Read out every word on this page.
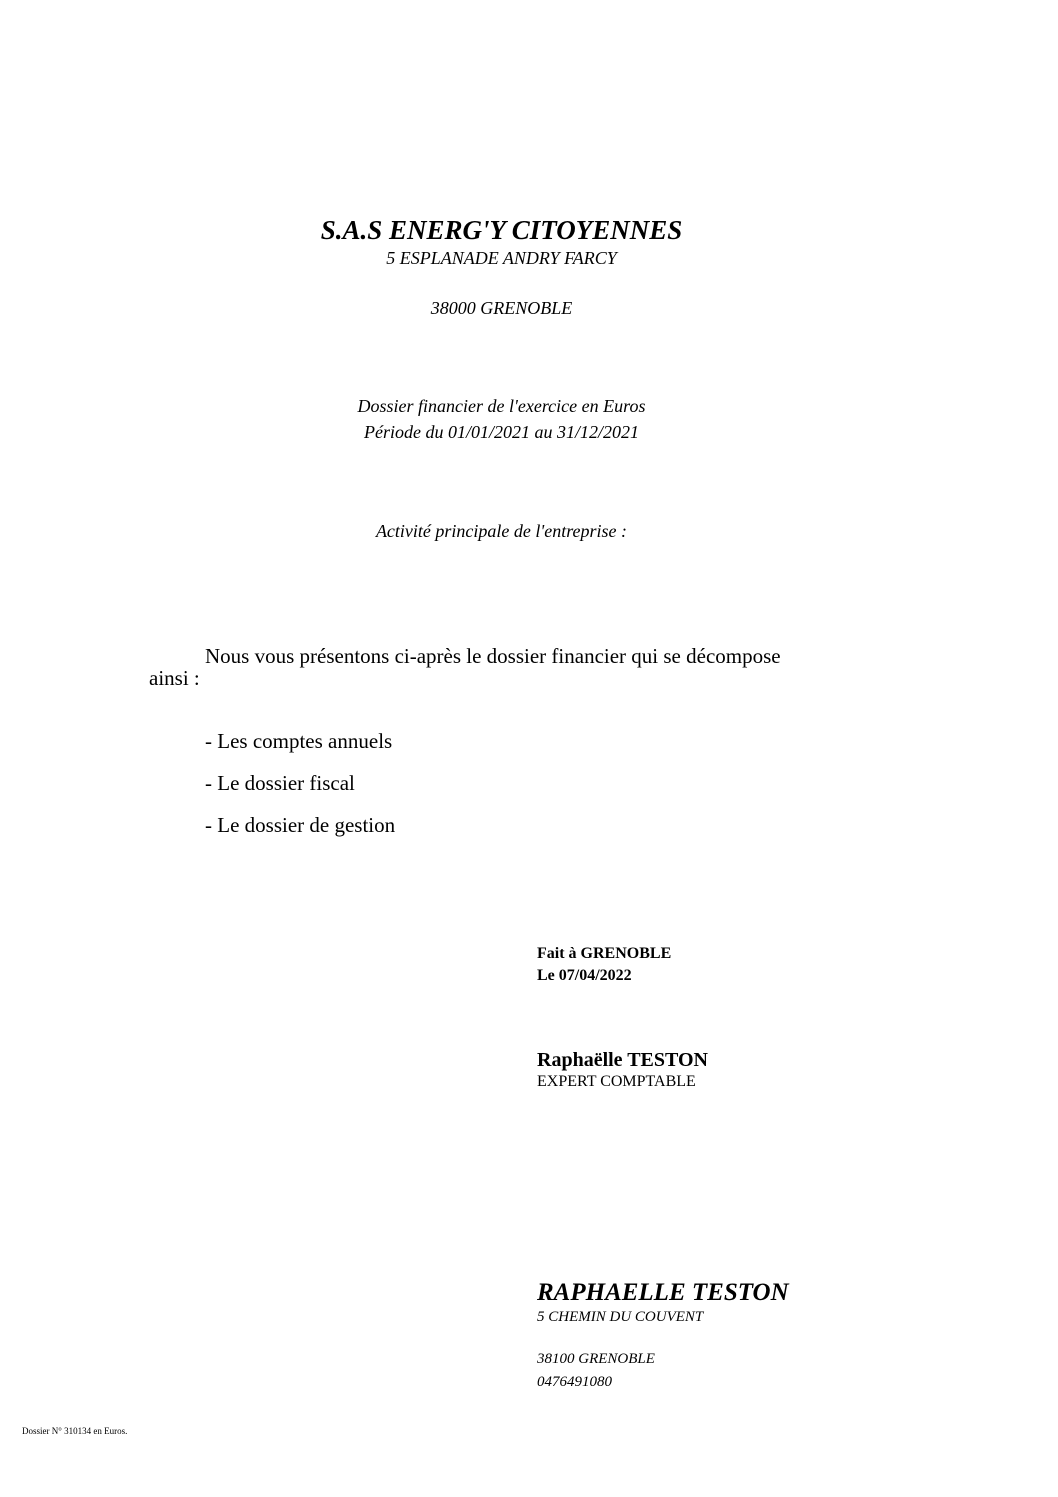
S.A.S ENERG'Y CITOYENNES
5 ESPLANADE ANDRY FARCY
38000 GRENOBLE
Dossier financier de l'exercice en Euros
Période du 01/01/2021 au 31/12/2021
Activité principale de l'entreprise :
Nous vous présentons ci-après le dossier financier qui se décompose
ainsi :
- Les comptes annuels
- Le dossier fiscal
- Le dossier de gestion
Fait à GRENOBLE
Le 07/04/2022
Raphaëlle TESTON
EXPERT COMPTABLE
RAPHAELLE TESTON
5 CHEMIN DU COUVENT
38100 GRENOBLE
0476491080
Dossier N° 310134 en Euros.
